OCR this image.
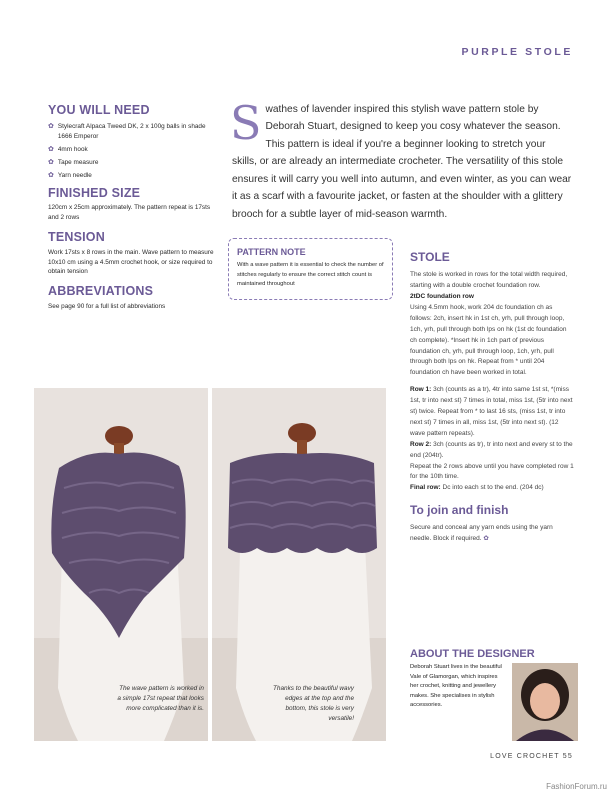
PURPLE STOLE
YOU WILL NEED
✿ Stylecraft Alpaca Tweed DK, 2 x 100g balls in shade 1666 Emperor
✿ 4mm hook
✿ Tape measure
✿ Yarn needle
FINISHED SIZE

120cm x 25cm approximately. The pattern repeat is 17sts and 2 rows

TENSION

Work 17sts x 8 rows in the main. Wave pattern to measure 10x10 cm using a 4.5mm crochet hook, or size required to obtain tension

ABBREVIATIONS

See page 90 for a full list of abbreviations

Swathes of lavender inspired this stylish wave pattern stole by Deborah Stuart, designed to keep you cosy whatever the season. This pattern is ideal if you're a beginner looking to stretch your skills, or are already an intermediate crocheter. The versatility of this stole ensures it will carry you well into autumn, and even winter, as you can wear it as a scarf with a favourite jacket, or fasten at the shoulder with a glittery brooch for a subtle layer of mid-season warmth.
PATTERN NOTE
With a wave pattern it is essential to check the number of stitches regularly to ensure the correct stitch count is maintained throughout
STOLE

The stole is worked in rows for the total width required, starting with a double crochet foundation row.

2tDC foundation row

Using 4.5mm hook, work 204 dc foundation ch as follows: 2ch, insert hk in 1st ch, yrh, pull through loop, 1ch, yrh, pull through both lps on hk (1st dc foundation ch complete). *Insert hk in 1ch part of previous foundation ch, yrh, pull through loop, 1ch, yrh, pull through both lps on hk. Repeat from * until 204 foundation ch have been worked in total.

Row 1: 3ch (counts as a tr), 4tr into same 1st st, *(miss 1st, tr into next st) 7 times in total, miss 1st, (5tr into next st) twice. Repeat from * to last 16 sts, (miss 1st, tr into next st) 7 times in all, miss 1st, (5tr into next st). (12 wave pattern repeats).

Row 2: 3ch (counts as tr), tr into next and every st to the end (204tr).

Repeat the 2 rows above until you have completed row 1 for the 10th time.

Final row: Dc into each st to the end. (204 dc)

To join and finish

Secure and conceal any yarn ends using the yarn needle. Block if required. ✿

The wave pattern is worked in a simple 17st repeat that looks more complicated than it is.
Thanks to the beautiful wavy edges at the top and the bottom, this stole is very versatile!
ABOUT THE DESIGNER
Deborah Stuart lives in the beautiful Vale of Glamorgan, which inspires her crochet, knitting and jewellery makes. She specialises in stylish accessories.
LOVE CROCHET 55
FashionForum.ru
